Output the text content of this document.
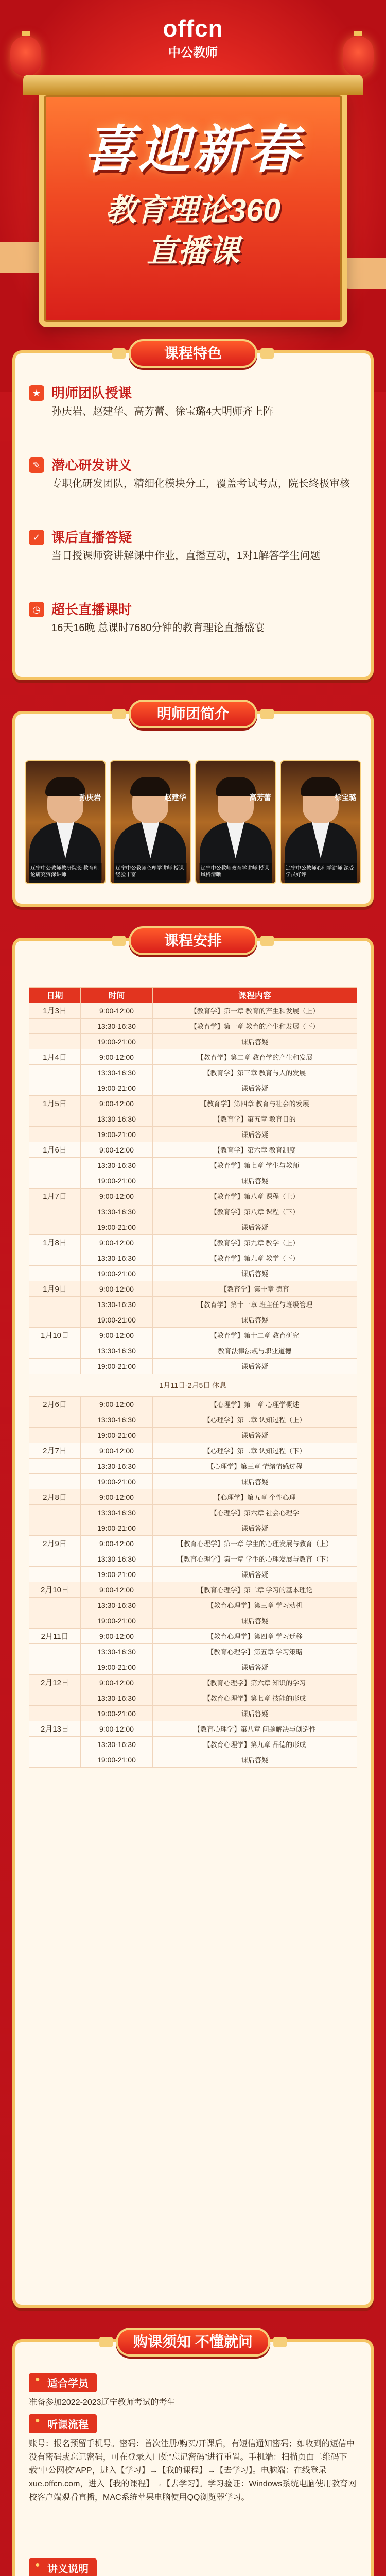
offcn
中公教师
喜迎新春
教育理论360
直播课
课程特色
★ 明师团队授课
孙庆岩、赵建华、高芳蕾、徐宝璐4大明师齐上阵
✎ 潜心研发讲义
专职化研发团队，精细化模块分工，覆盖考试考点，院长终极审核
✓ 课后直播答疑
当日授课师资讲解课中作业，直播互动，1对1解答学生问题
◷ 超长直播课时
16天16晚 总课时7680分钟的教育理论直播盛宴
明师团简介
孙庆岩
辽宁中公教师教研院长 教育理论研究资深讲师
赵建华
辽宁中公教师心理学讲师 授课经验丰富
高芳蕾
辽宁中公教师教育学讲师 授课风格清晰
徐宝璐
辽宁中公教师心理学讲师 深受学员好评
课程安排
日期	时间	课程内容
1月3日	9:00-12:00	【教育学】第一章 教育的产生和发展（上）
	13:30-16:30	【教育学】第一章 教育的产生和发展（下）
	19:00-21:00	课后答疑
1月4日	9:00-12:00	【教育学】第二章 教育学的产生和发展
	13:30-16:30	【教育学】第三章 教育与人的发展
	19:00-21:00	课后答疑
1月5日	9:00-12:00	【教育学】第四章 教育与社会的发展
	13:30-16:30	【教育学】第五章 教育目的
	19:00-21:00	课后答疑
1月6日	9:00-12:00	【教育学】第六章 教育制度
	13:30-16:30	【教育学】第七章 学生与教师
	19:00-21:00	课后答疑
1月7日	9:00-12:00	【教育学】第八章 课程（上）
	13:30-16:30	【教育学】第八章 课程（下）
	19:00-21:00	课后答疑
1月8日	9:00-12:00	【教育学】第九章 教学（上）
	13:30-16:30	【教育学】第九章 教学（下）
	19:00-21:00	课后答疑
1月9日	9:00-12:00	【教育学】第十章 德育
	13:30-16:30	【教育学】第十一章 班主任与班级管理
	19:00-21:00	课后答疑
1月10日	9:00-12:00	【教育学】第十二章 教育研究
	13:30-16:30	教育法律法规与职业道德
	19:00-21:00	课后答疑
1月11日-2月5日 休息		
2月6日	9:00-12:00	【心理学】第一章 心理学概述
	13:30-16:30	【心理学】第二章 认知过程（上）
	19:00-21:00	课后答疑
2月7日	9:00-12:00	【心理学】第二章 认知过程（下）
	13:30-16:30	【心理学】第三章 情绪情感过程
	19:00-21:00	课后答疑
2月8日	9:00-12:00	【心理学】第五章 个性心理
	13:30-16:30	【心理学】第六章 社会心理学
	19:00-21:00	课后答疑
2月9日	9:00-12:00	【教育心理学】第一章 学生的心理发展与教育（上）
	13:30-16:30	【教育心理学】第一章 学生的心理发展与教育（下）
	19:00-21:00	课后答疑
2月10日	9:00-12:00	【教育心理学】第二章 学习的基本理论
	13:30-16:30	【教育心理学】第三章 学习动机
	19:00-21:00	课后答疑
2月11日	9:00-12:00	【教育心理学】第四章 学习迁移
	13:30-16:30	【教育心理学】第五章 学习策略
	19:00-21:00	课后答疑
2月12日	9:00-12:00	【教育心理学】第六章 知识的学习
	13:30-16:30	【教育心理学】第七章 技能的形成
	19:00-21:00	课后答疑
2月13日	9:00-12:00	【教育心理学】第八章 问题解决与创造性
	13:30-16:30	【教育心理学】第九章 品德的形成
	19:00-21:00	课后答疑
购课须知 不懂就问
● 适合学员
准备参加2022-2023辽宁教师考试的考生
● 听课流程
账号：报名预留手机号。密码：首次注册/购买/开课后，有短信通知密码；如收到的短信中没有密码或忘记密码，可在登录入口处“忘记密码”进行重置。手机端：扫描页面二维码下载“中公网校”APP，进入【学习】→【我的课程】→【去学习】。电脑端：在线登录xue.offcn.com，进入【我的课程】→【去学习】。学习验证：Windows系统电脑使用教育网校客户端观看直播，MAC系统苹果电脑使用QQ浏览器学习。
● 讲义说明
